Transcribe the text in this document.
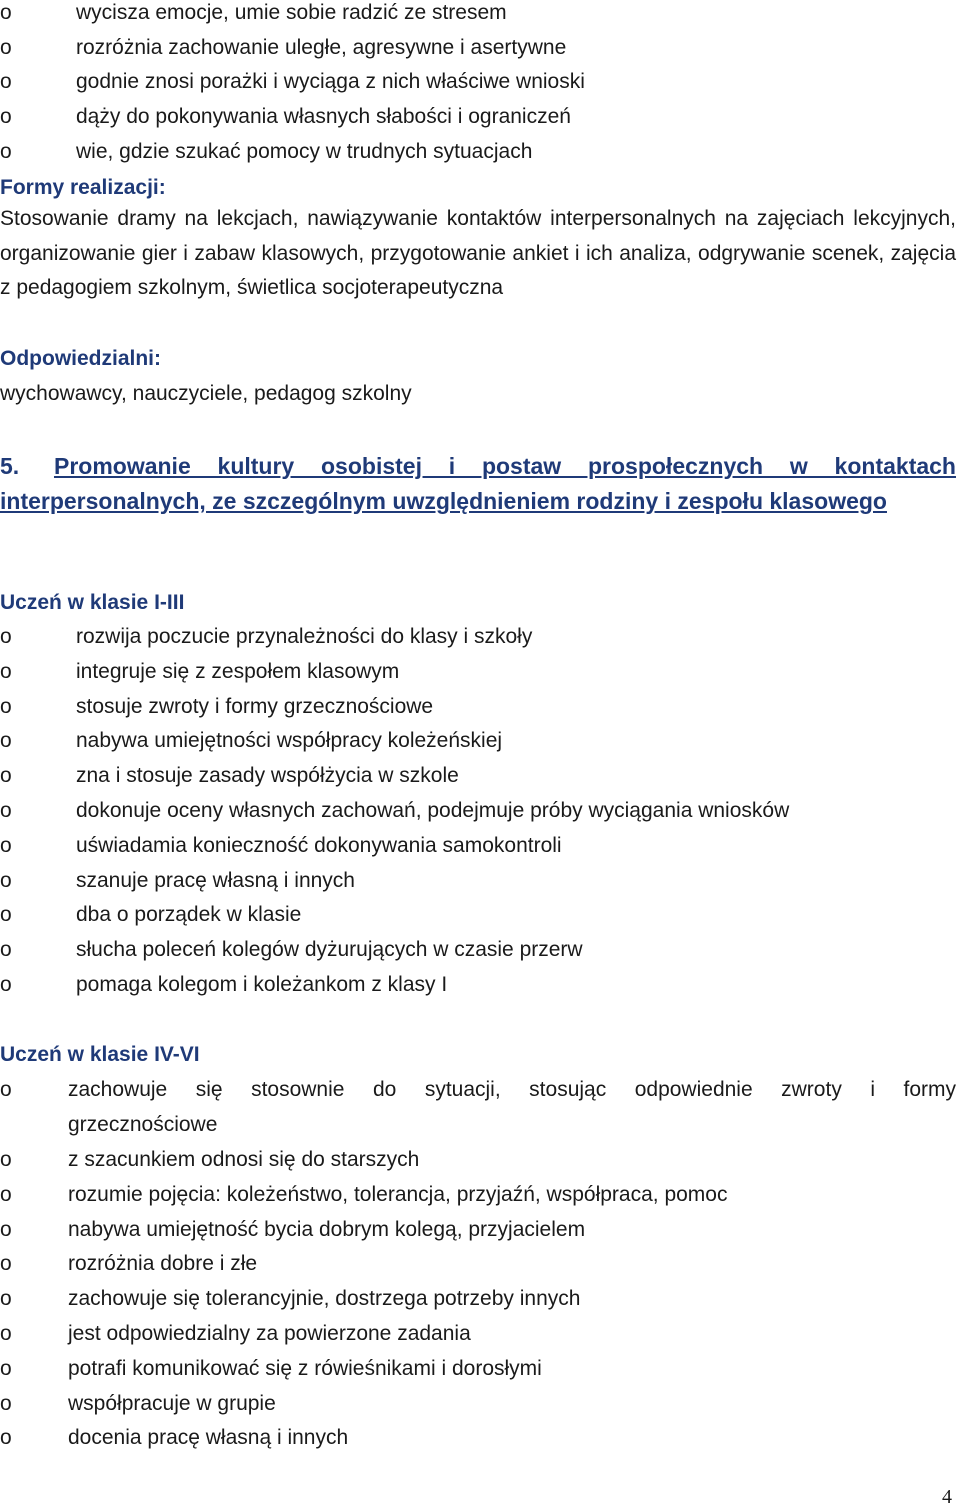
o	wycisza emocje, umie sobie radzić ze stresem
o	rozróżnia zachowanie uległe, agresywne i asertywne
o	godnie znosi porażki i wyciąga z nich właściwe wnioski
o	dąży do pokonywania własnych słabości i ograniczeń
o	wie, gdzie szukać pomocy w trudnych sytuacjach
Formy realizacji:
Stosowanie dramy na lekcjach, nawiązywanie kontaktów interpersonalnych na zajęciach lekcyjnych, organizowanie gier i zabaw klasowych, przygotowanie ankiet i ich analiza, odgrywanie scenek, zajęcia z pedagogiem szkolnym, świetlica socjoterapeutyczna
Odpowiedzialni:
wychowawcy, nauczyciele, pedagog szkolny
5. Promowanie kultury osobistej i postaw prospołecznych w kontaktach interpersonalnych, ze szczególnym uwzględnieniem rodziny i zespołu klasowego
Uczeń w klasie I-III
o	rozwija poczucie przynależności do klasy i szkoły
o	integruje się z zespołem klasowym
o	stosuje zwroty i formy grzecznościowe
o	nabywa umiejętności współpracy koleżeńskiej
o	zna i stosuje zasady współżycia w szkole
o	dokonuje oceny własnych zachowań, podejmuje próby wyciągania wniosków
o	uświadamia konieczność dokonywania samokontroli
o	szanuje pracę własną i innych
o	dba o porządek w klasie
o	słucha poleceń kolegów dyżurujących w czasie przerw
o	pomaga kolegom i koleżankom z klasy I
Uczeń w klasie IV-VI
o	zachowuje się stosownie do sytuacji, stosując odpowiednie zwroty i formy
grzecznościowe
o	z szacunkiem odnosi się do starszych
o	rozumie pojęcia: koleżeństwo, tolerancja, przyjaźń, współpraca, pomoc
o	nabywa umiejętność bycia dobrym kolegą, przyjacielem
o	rozróżnia dobre i złe
o	zachowuje się tolerancyjnie, dostrzega potrzeby innych
o	jest odpowiedzialny za powierzone zadania
o	potrafi komunikować się z rówieśnikami i dorosłymi
o	współpracuje w grupie
o	docenia pracę własną i innych
4
